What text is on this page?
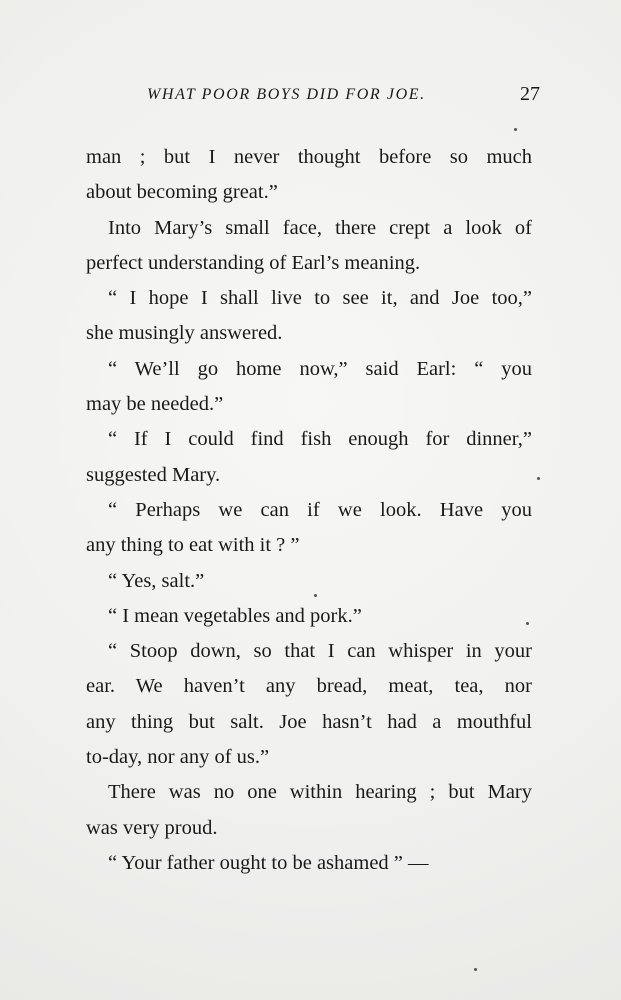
WHAT POOR BOYS DID FOR JOE.	27
man ; but I never thought before so much
about becoming great.”
Into Mary’s small face, there crept a look of
perfect understanding of Earl’s meaning.
“ I hope I shall live to see it, and Joe too,”
she musingly answered.
“ We’ll go home now,” said Earl: “ you
may be needed.”
“ If I could find fish enough for dinner,”
suggested Mary.
“ Perhaps we can if we look. Have you
any thing to eat with it ? ”
“ Yes, salt.”
“ I mean vegetables and pork.”
“ Stoop down, so that I can whisper in your
ear. We haven’t any bread, meat, tea, nor
any thing but salt. Joe hasn’t had a mouthful
to-day, nor any of us.”
There was no one within hearing ; but Mary
was very proud.
“ Your father ought to be ashamed ” —
